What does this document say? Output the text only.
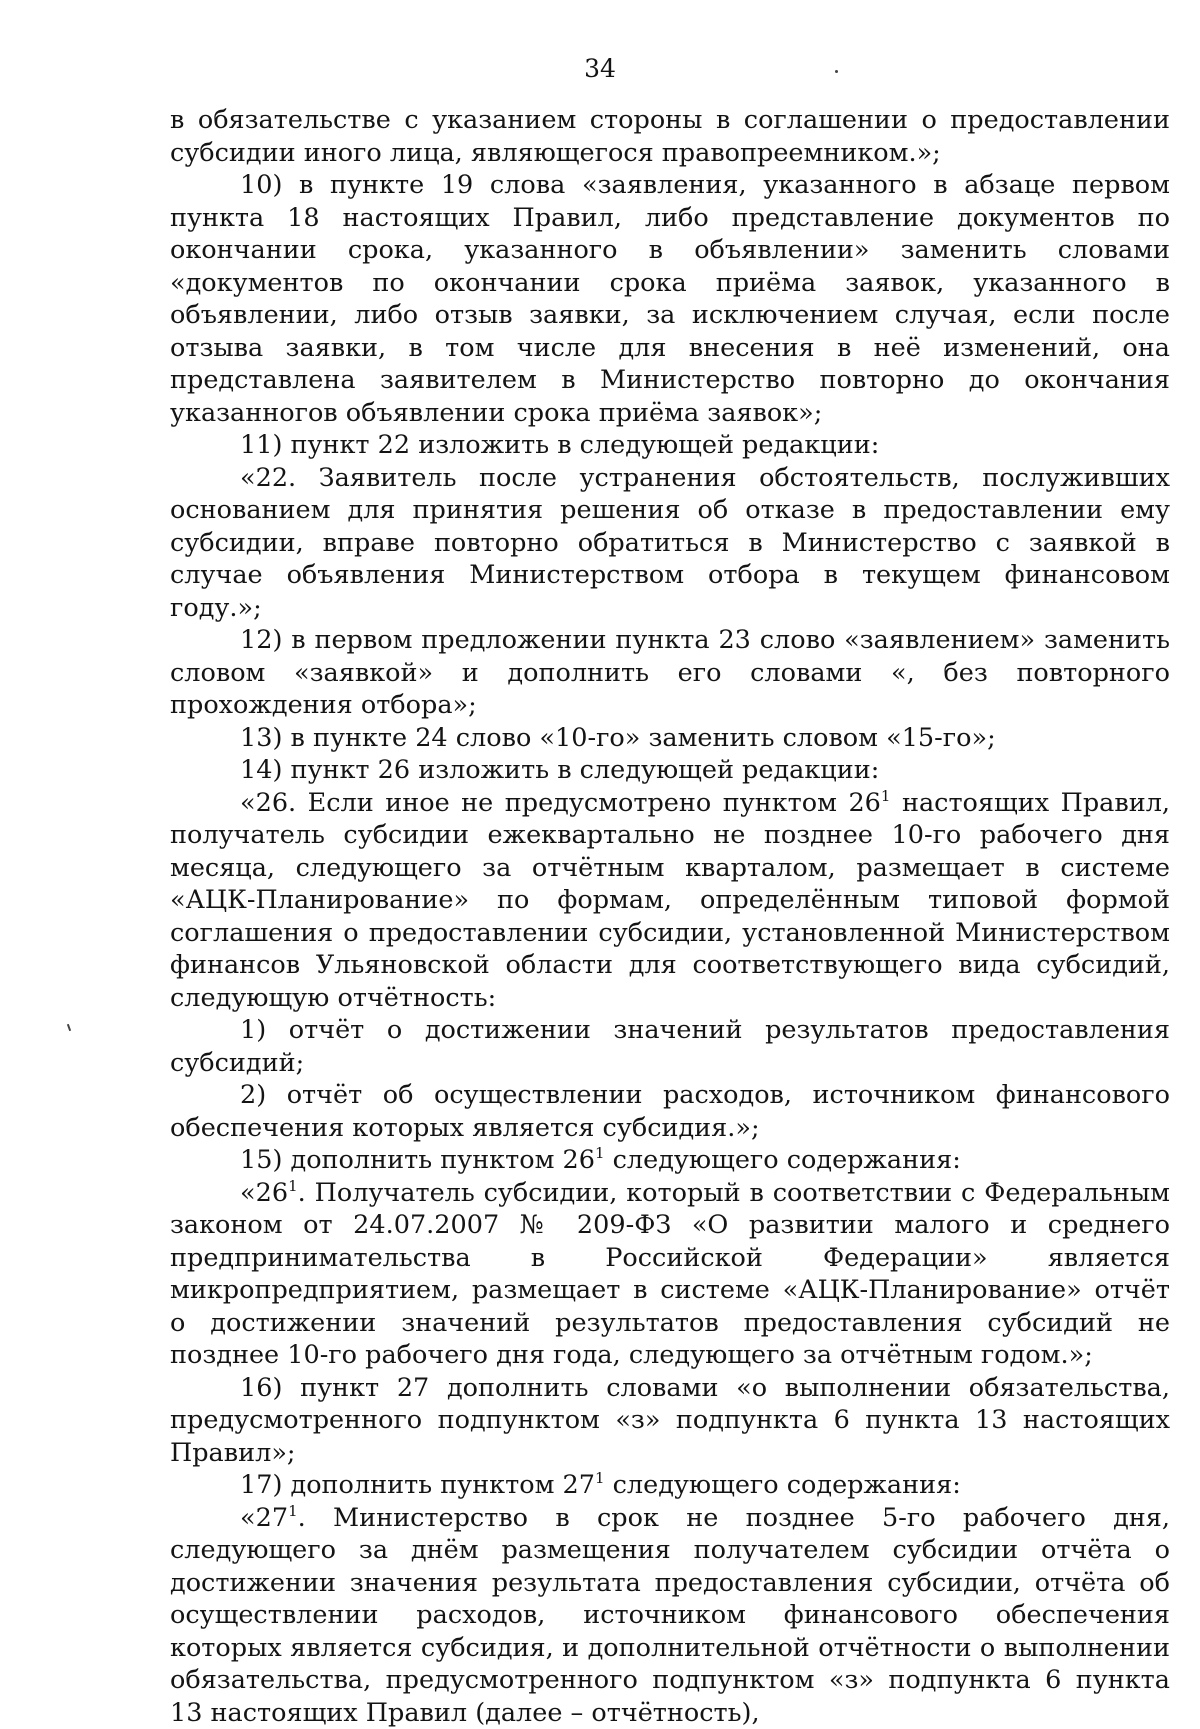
34

в обязательстве с указанием стороны в соглашении о предоставлении субсидии иного лица, являющегося правопреемником.»;

10) в пункте 19 слова «заявления, указанного в абзаце первом пункта 18 настоящих Правил, либо представление документов по окончании срока, указанного в объявлении» заменить словами «документов по окончании срока приёма заявок, указанного в объявлении, либо отзыв заявки, за исключением случая, если после отзыва заявки, в том числе для внесения в неё изменений, она представлена заявителем в Министерство повторно до окончания указанногов объявлении срока приёма заявок»;

11) пункт 22 изложить в следующей редакции:

«22. Заявитель после устранения обстоятельств, послуживших основанием для принятия решения об отказе в предоставлении ему субсидии, вправе повторно обратиться в Министерство с заявкой в случае объявления Министерством отбора в текущем финансовом году.»;

12) в первом предложении пункта 23 слово «заявлением» заменить словом «заявкой» и дополнить его словами «, без повторного прохождения отбора»;

13) в пункте 24 слово «10-го» заменить словом «15-го»;

14) пункт 26 изложить в следующей редакции:

«26. Если иное не предусмотрено пунктом $26^1$ настоящих Правил, получатель субсидии ежеквартально не позднее 10-го рабочего дня месяца, следующего за отчётным кварталом, размещает в системе «АЦК-Планирование» по формам, определённым типовой формой соглашения о предоставлении субсидии, установленной Министерством финансов Ульяновской области для соответствующего вида субсидий, следующую отчётность:

1) отчёт о достижении значений результатов предоставления субсидий;

2) отчёт об осуществлении расходов, источником финансового обеспечения которых является субсидия.»;

15) дополнить пунктом $26^1$ следующего содержания:

«$26^1$. Получатель субсидии, который в соответствии с Федеральным законом от 24.07.2007 № 209-ФЗ «О развитии малого и среднего предпринимательства в Российской Федерации» является микропредприятием, размещает в системе «АЦК-Планирование» отчёт о достижении значений результатов предоставления субсидий не позднее 10-го рабочего дня года, следующего за отчётным годом.»;

16) пункт 27 дополнить словами «о выполнении обязательства, предусмотренного подпунктом «з» подпункта 6 пункта 13 настоящих Правил»;

17) дополнить пунктом $27^1$ следующего содержания:

«$27^1$. Министерство в срок не позднее 5-го рабочего дня, следующего за днём размещения получателем субсидии отчёта о достижении значения результата предоставления субсидии, отчёта об осуществлении расходов, источником финансового обеспечения которых является субсидия, и дополнительной отчётности о выполнении обязательства, предусмотренного подпунктом «з» подпункта 6 пункта 13 настоящих Правил (далее – отчётность),
